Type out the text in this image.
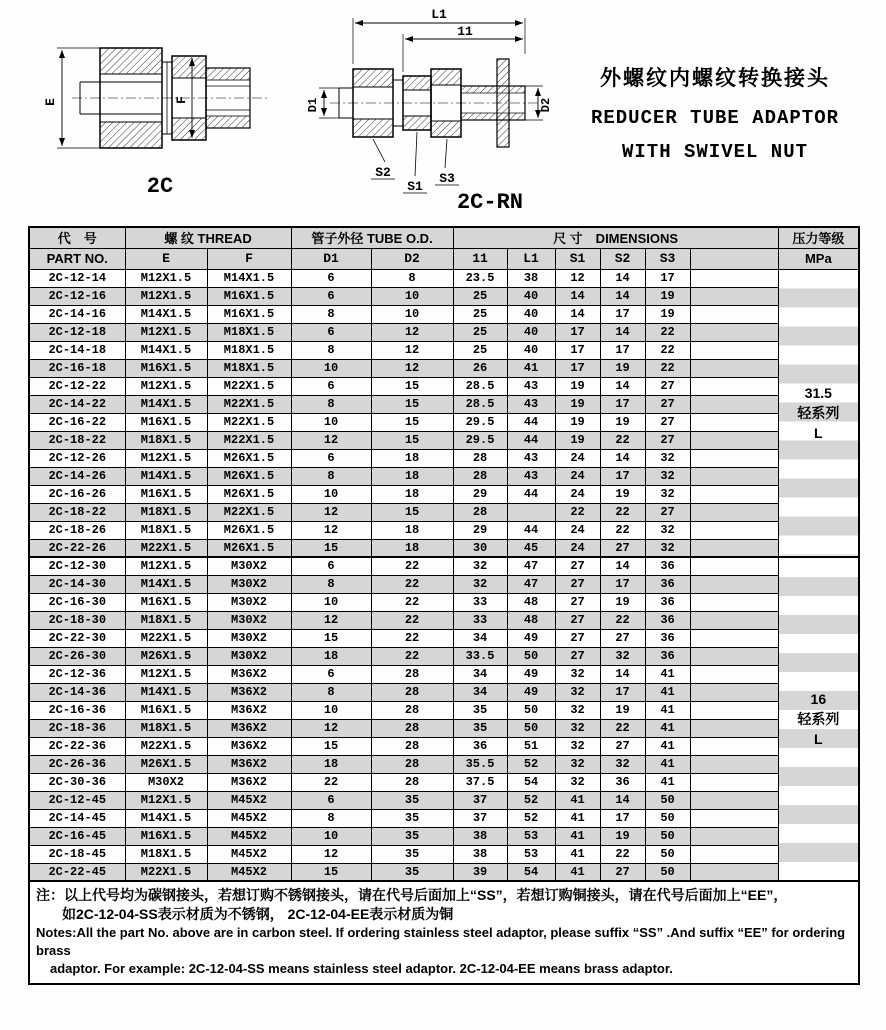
E	F
2C
L1
11
D1	D2
S2
S1
S3
2C-RN
外螺纹内螺纹转换接头
REDUCER TUBE ADAPTOR
WITH SWIVEL NUT
代　号	螺 纹 THREAD		管子外径 TUBE O.D.		尺 寸　DIMENSIONS						压力等级
PART NO.	E	F	D1	D2	11	L1	S1	S2	S3		MPa
2C-12-14	M12X1.5	M14X1.5	6	8	23.5	38	12	14	17		31.5
轻系列
L

2C-12-16	M12X1.5	M16X1.5	6	10	25	40	14	14	19		
2C-14-16	M14X1.5	M16X1.5	8	10	25	40	14	17	19		
2C-12-18	M12X1.5	M18X1.5	6	12	25	40	17	14	22		
2C-14-18	M14X1.5	M18X1.5	8	12	25	40	17	17	22		
2C-16-18	M16X1.5	M18X1.5	10	12	26	41	17	19	22		
2C-12-22	M12X1.5	M22X1.5	6	15	28.5	43	19	14	27		
2C-14-22	M14X1.5	M22X1.5	8	15	28.5	43	19	17	27		
2C-16-22	M16X1.5	M22X1.5	10	15	29.5	44	19	19	27		
2C-18-22	M18X1.5	M22X1.5	12	15	29.5	44	19	22	27		
2C-12-26	M12X1.5	M26X1.5	6	18	28	43	24	14	32		
2C-14-26	M14X1.5	M26X1.5	8	18	28	43	24	17	32		
2C-16-26	M16X1.5	M26X1.5	10	18	29	44	24	19	32		
2C-18-22	M18X1.5	M22X1.5	12	15	28		22	22	27		
2C-18-26	M18X1.5	M26X1.5	12	18	29	44	24	22	32		
2C-22-26	M22X1.5	M26X1.5	15	18	30	45	24	27	32		
2C-12-30	M12X1.5	M30X2	6	22	32	47	27	14	36		16
轻系列
L

2C-14-30	M14X1.5	M30X2	8	22	32	47	27	17	36		
2C-16-30	M16X1.5	M30X2	10	22	33	48	27	19	36		
2C-18-30	M18X1.5	M30X2	12	22	33	48	27	22	36		
2C-22-30	M22X1.5	M30X2	15	22	34	49	27	27	36		
2C-26-30	M26X1.5	M30X2	18	22	33.5	50	27	32	36		
2C-12-36	M12X1.5	M36X2	6	28	34	49	32	14	41		
2C-14-36	M14X1.5	M36X2	8	28	34	49	32	17	41		
2C-16-36	M16X1.5	M36X2	10	28	35	50	32	19	41		
2C-18-36	M18X1.5	M36X2	12	28	35	50	32	22	41		
2C-22-36	M22X1.5	M36X2	15	28	36	51	32	27	41		
2C-26-36	M26X1.5	M36X2	18	28	35.5	52	32	32	41		
2C-30-36	M30X2	M36X2	22	28	37.5	54	32	36	41		
2C-12-45	M12X1.5	M45X2	6	35	37	52	41	14	50		
2C-14-45	M14X1.5	M45X2	8	35	37	52	41	17	50		
2C-16-45	M16X1.5	M45X2	10	35	38	53	41	19	50		
2C-18-45	M18X1.5	M45X2	12	35	38	53	41	22	50		
2C-22-45	M22X1.5	M45X2	15	35	39	54	41	27	50		

注：以上代号均为碳钢接头，若想订购不锈钢接头，请在代号后面加上“SS”，若想订购铜接头，请在代号后面加上“EE”，
如2C-12-04-SS表示材质为不锈钢， 2C-12-04-EE表示材质为铜
Notes:All the part No. above are in carbon steel. If ordering stainless steel adaptor, please suffix “SS” .And suffix “EE” for ordering brass
adaptor. For example: 2C-12-04-SS means stainless steel adaptor. 2C-12-04-EE means brass adaptor.											
